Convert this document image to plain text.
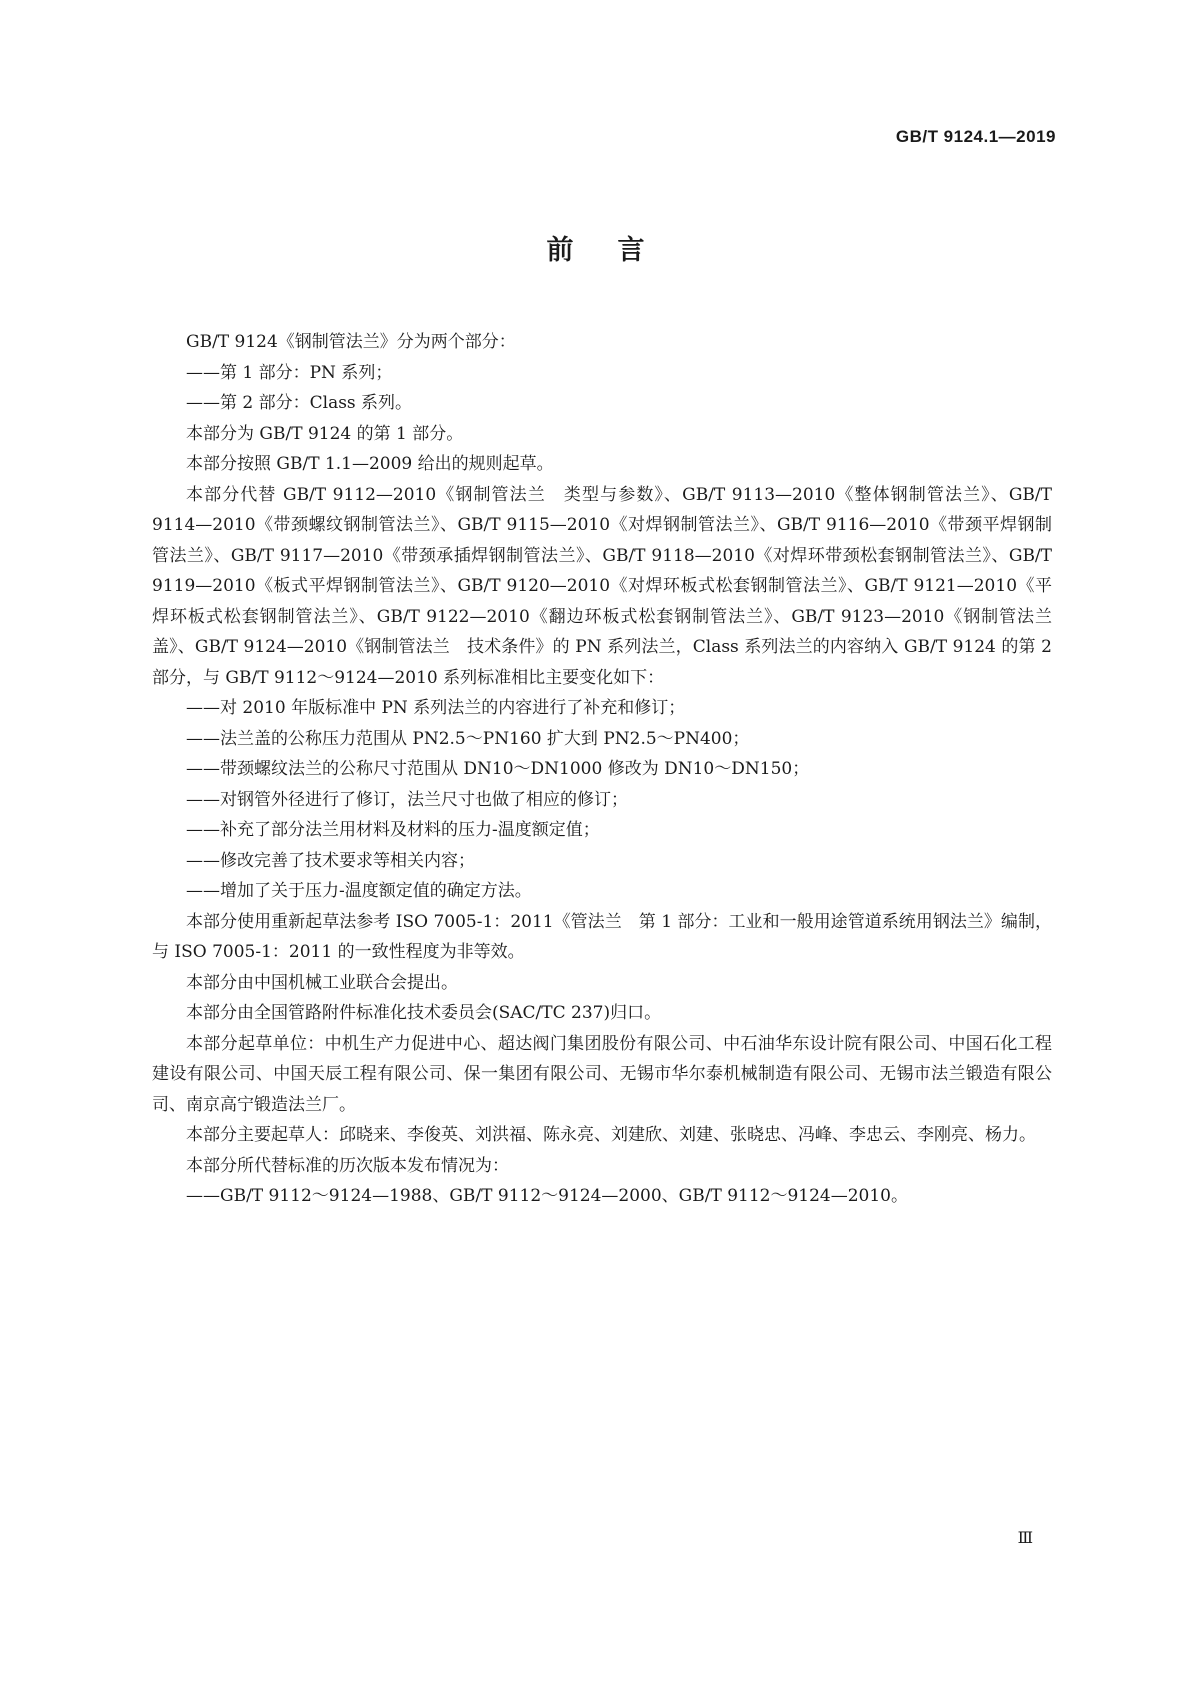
GB/T 9124.1—2019
前言

GB/T 9124《钢制管法兰》分为两个部分：

——第 1 部分：PN 系列；

——第 2 部分：Class 系列。

本部分为 GB/T 9124 的第 1 部分。

本部分按照 GB/T 1.1—2009 给出的规则起草。

本部分代替 GB/T 9112—2010《钢制管法兰　类型与参数》、GB/T 9113—2010《整体钢制管法兰》、GB/T 9114—2010《带颈螺纹钢制管法兰》、GB/T 9115—2010《对焊钢制管法兰》、GB/T 9116—2010《带颈平焊钢制管法兰》、GB/T 9117—2010《带颈承插焊钢制管法兰》、GB/T 9118—2010《对焊环带颈松套钢制管法兰》、GB/T 9119—2010《板式平焊钢制管法兰》、GB/T 9120—2010《对焊环板式松套钢制管法兰》、GB/T 9121—2010《平焊环板式松套钢制管法兰》、GB/T 9122—2010《翻边环板式松套钢制管法兰》、GB/T 9123—2010《钢制管法兰盖》、GB/T 9124—2010《钢制管法兰　技术条件》的 PN 系列法兰，Class 系列法兰的内容纳入 GB/T 9124 的第 2 部分，与 GB/T 9112～9124—2010 系列标准相比主要变化如下：

——对 2010 年版标准中 PN 系列法兰的内容进行了补充和修订；

——法兰盖的公称压力范围从 PN2.5～PN160 扩大到 PN2.5～PN400；

——带颈螺纹法兰的公称尺寸范围从 DN10～DN1000 修改为 DN10～DN150；

——对钢管外径进行了修订，法兰尺寸也做了相应的修订；

——补充了部分法兰用材料及材料的压力-温度额定值；

——修改完善了技术要求等相关内容；

——增加了关于压力-温度额定值的确定方法。

本部分使用重新起草法参考 ISO 7005-1：2011《管法兰　第 1 部分：工业和一般用途管道系统用钢法兰》编制，与 ISO 7005-1：2011 的一致性程度为非等效。

本部分由中国机械工业联合会提出。

本部分由全国管路附件标准化技术委员会(SAC/TC 237)归口。

本部分起草单位：中机生产力促进中心、超达阀门集团股份有限公司、中石油华东设计院有限公司、中国石化工程建设有限公司、中国天辰工程有限公司、保一集团有限公司、无锡市华尔泰机械制造有限公司、无锡市法兰锻造有限公司、南京高宁锻造法兰厂。

本部分主要起草人：邱晓来、李俊英、刘洪福、陈永亮、刘建欣、刘建、张晓忠、冯峰、李忠云、李刚亮、杨力。

本部分所代替标准的历次版本发布情况为：

——GB/T 9112～9124—1988、GB/T 9112～9124—2000、GB/T 9112～9124—2010。

Ⅲ
